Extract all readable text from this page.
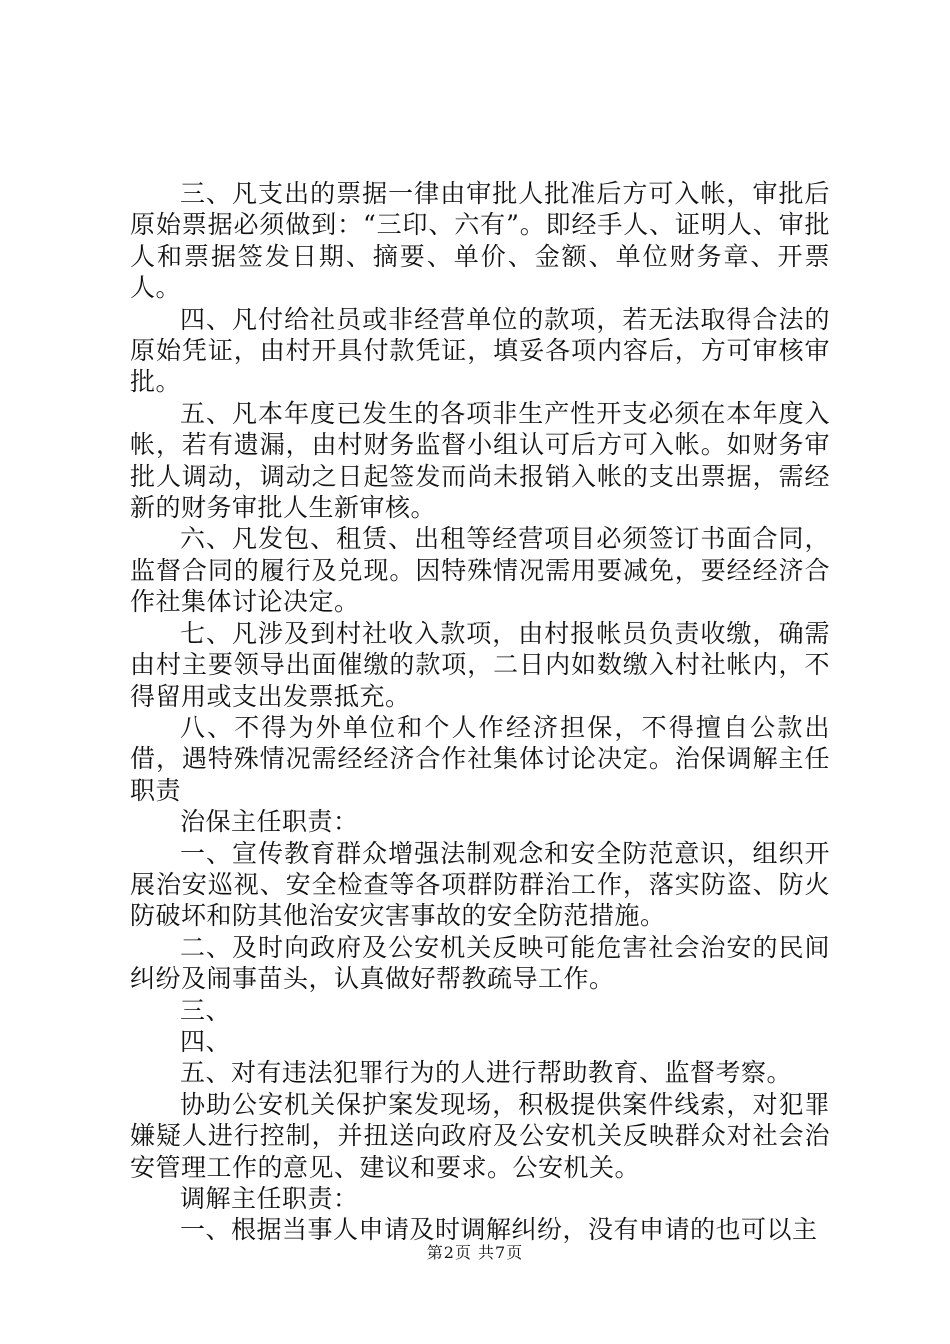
三、凡支出的票据一律由审批人批准后方可入帐，审批后原始票据必须做到：“三印、六有”。即经手人、证明人、审批人和票据签发日期、摘要、单价、金额、单位财务章、开票人。

四、凡付给社员或非经营单位的款项，若无法取得合法的原始凭证，由村开具付款凭证，填妥各项内容后，方可审核审批。

五、凡本年度已发生的各项非生产性开支必须在本年度入帐，若有遗漏，由村财务监督小组认可后方可入帐。如财务审批人调动，调动之日起签发而尚未报销入帐的支出票据，需经新的财务审批人生新审核。

六、凡发包、租赁、出租等经营项目必须签订书面合同，监督合同的履行及兑现。因特殊情况需用要减免，要经经济合作社集体讨论决定。

七、凡涉及到村社收入款项，由村报帐员负责收缴，确需由村主要领导出面催缴的款项，二日内如数缴入村社帐内，不得留用或支出发票抵充。

八、不得为外单位和个人作经济担保，不得擅自公款出借，遇特殊情况需经经济合作社集体讨论决定。治保调解主任职责

治保主任职责：

一、宣传教育群众增强法制观念和安全防范意识，组织开展治安巡视、安全检查等各项群防群治工作，落实防盗、防火防破坏和防其他治安灾害事故的安全防范措施。

二、及时向政府及公安机关反映可能危害社会治安的民间纠纷及闹事苗头，认真做好帮教疏导工作。

三、

四、

五、对有违法犯罪行为的人进行帮助教育、监督考察。

协助公安机关保护案发现场，积极提供案件线索，对犯罪嫌疑人进行控制，并扭送向政府及公安机关反映群众对社会治安管理工作的意见、建议和要求。公安机关。

调解主任职责：

一、根据当事人申请及时调解纠纷，没有申请的也可以主

第2页 共7页
